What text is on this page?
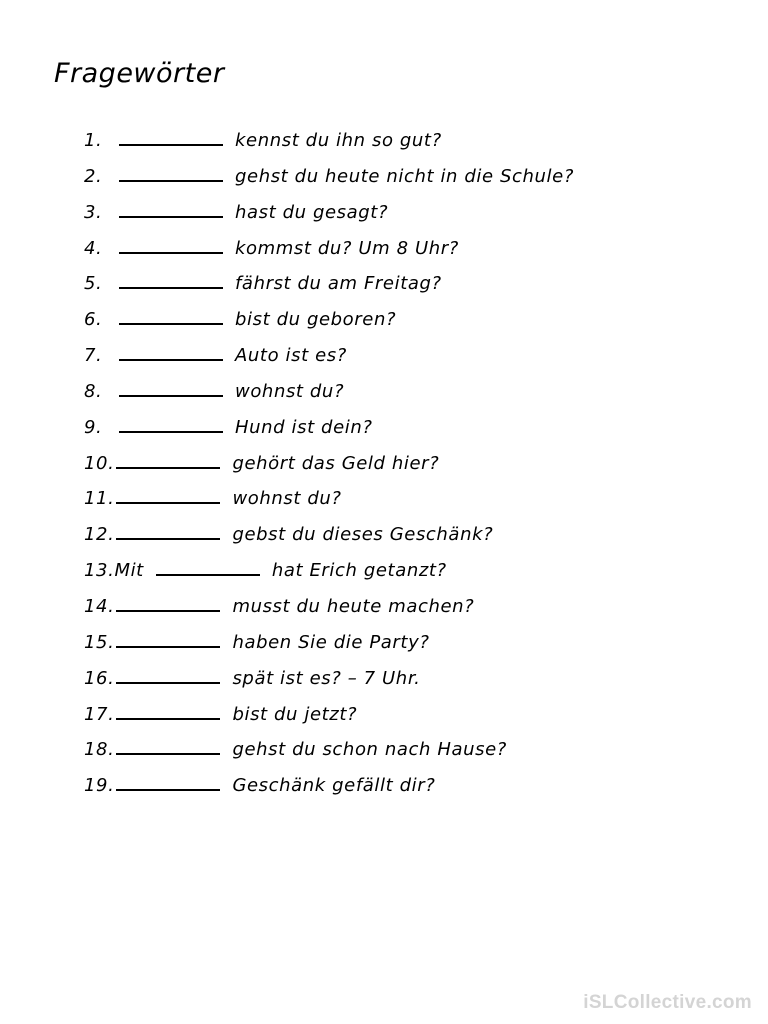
Fragewörter
1.	kennst du ihn so gut?
2.	gehst du heute nicht in die Schule?
3.	hast du gesagt?
4.	kommst du? Um 8 Uhr?
5.	fährst du am Freitag?
6.	bist du geboren?
7.	Auto ist es?
8.	wohnst du?
9.	Hund ist dein?
10.	gehört das Geld hier?
11.	wohnst du?
12.	gebst du dieses Geschänk?
13.Mit	hat Erich getanzt?
14.	musst du heute machen?
15.	haben Sie die Party?
16.	spät ist es? – 7 Uhr.
17.	bist du jetzt?
18.	gehst du schon nach Hause?
19.	Geschänk gefällt dir?
iSLCollective.com
